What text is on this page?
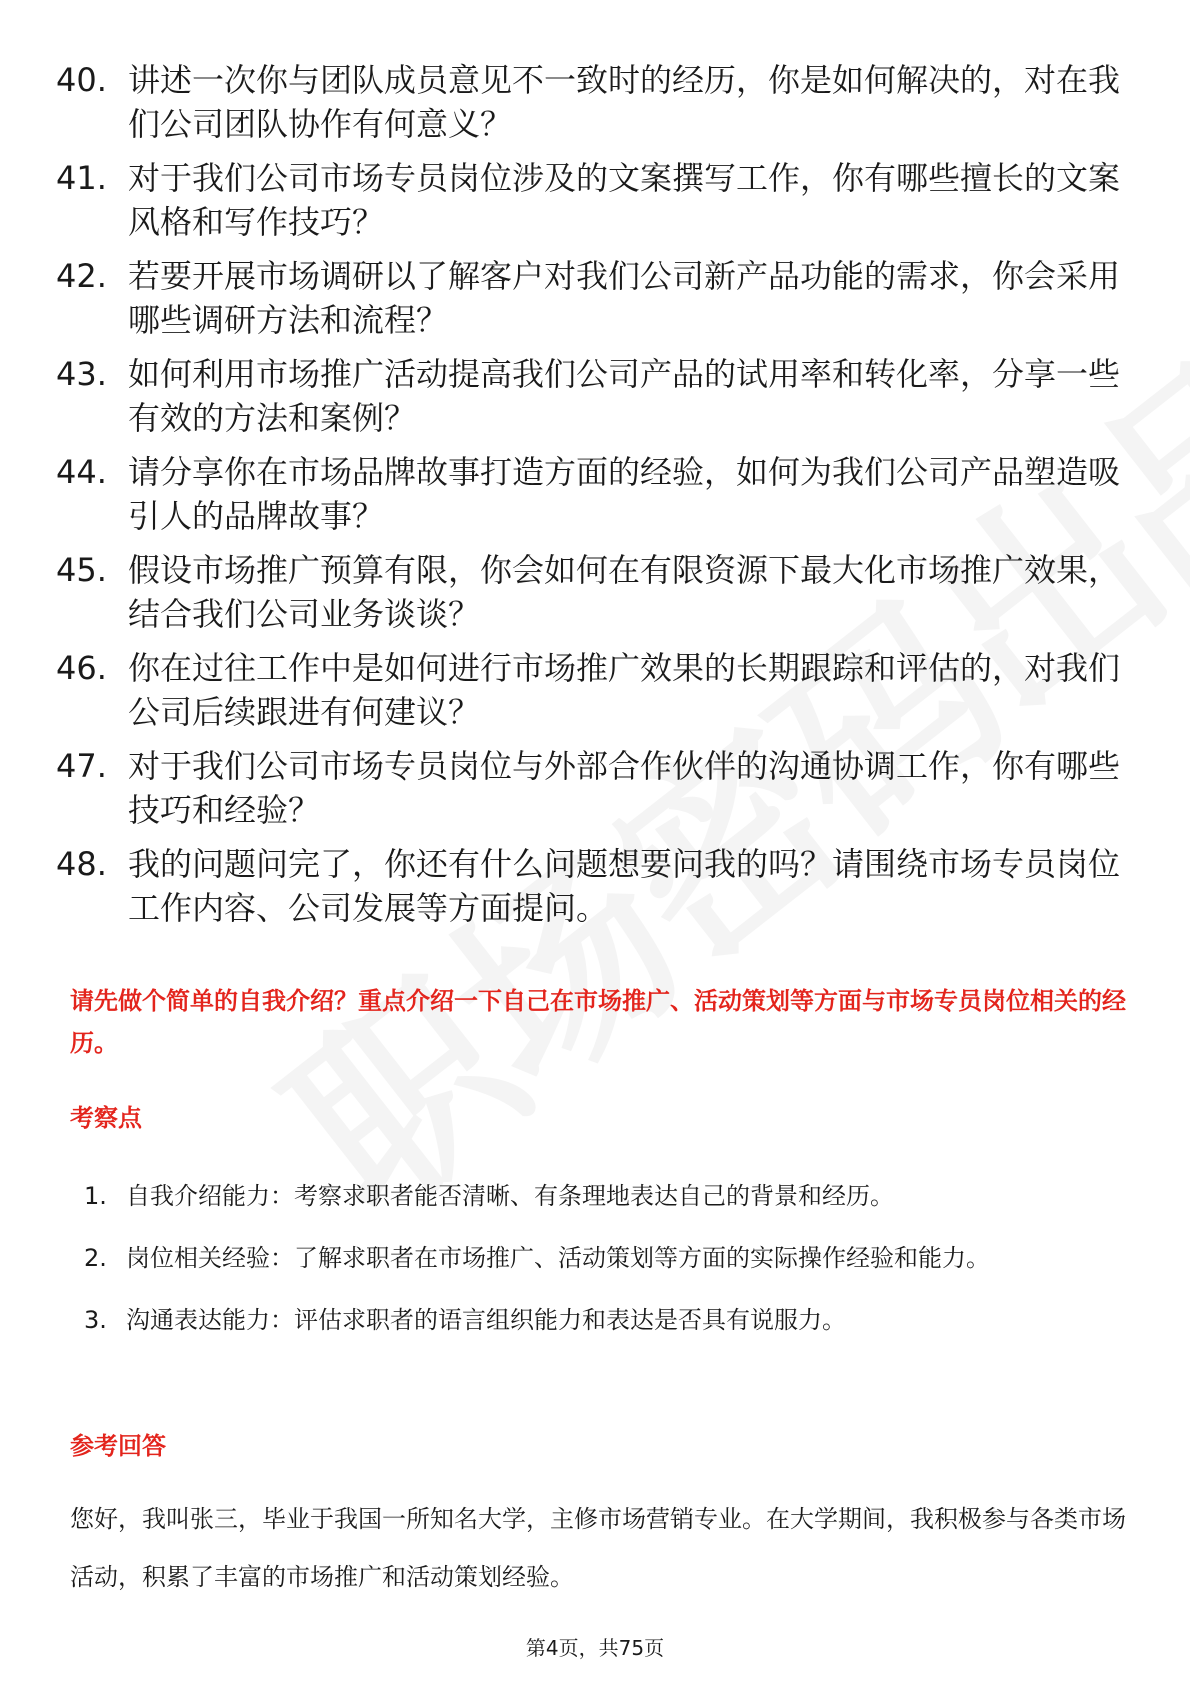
40. 讲述一次你与团队成员意见不一致时的经历，你是如何解决的，对在我们公司团队协作有何意义？
41. 对于我们公司市场专员岗位涉及的文案撰写工作，你有哪些擅长的文案风格和写作技巧？
42. 若要开展市场调研以了解客户对我们公司新产品功能的需求，你会采用哪些调研方法和流程？
43. 如何利用市场推广活动提高我们公司产品的试用率和转化率，分享一些有效的方法和案例？
44. 请分享你在市场品牌故事打造方面的经验，如何为我们公司产品塑造吸引人的品牌故事？
45. 假设市场推广预算有限，你会如何在有限资源下最大化市场推广效果，结合我们公司业务谈谈？
46. 你在过往工作中是如何进行市场推广效果的长期跟踪和评估的，对我们公司后续跟进有何建议？
47. 对于我们公司市场专员岗位与外部合作伙伴的沟通协调工作，你有哪些技巧和经验？
48. 我的问题问完了，你还有什么问题想要问我的吗？请围绕市场专员岗位工作内容、公司发展等方面提问。
请先做个简单的自我介绍？重点介绍一下自己在市场推广、活动策划等方面与市场专员岗位相关的经历。
考察点
1. 自我介绍能力：考察求职者能否清晰、有条理地表达自己的背景和经历。
2. 岗位相关经验：了解求职者在市场推广、活动策划等方面的实际操作经验和能力。
3. 沟通表达能力：评估求职者的语言组织能力和表达是否具有说服力。
参考回答
您好，我叫张三，毕业于我国一所知名大学，主修市场营销专业。在大学期间，我积极参与各类市场活动，积累了丰富的市场推广和活动策划经验。
第4页，共75页
